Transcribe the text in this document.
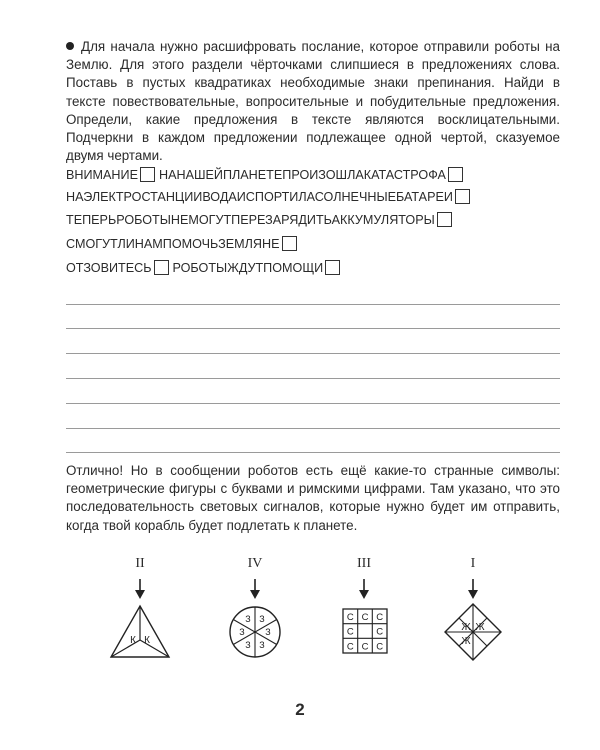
Для начала нужно расшифровать послание, которое отправили роботы на Землю. Для этого раздели чёрточками слипшиеся в предложениях слова. Поставь в пустых квадратиках необходимые знаки препинания. Найди в тексте повествовательные, вопросительные и побудительные предложения. Определи, какие предложения в тексте являются восклицательными. Подчеркни в каждом предложении подлежащее одной чертой, сказуемое двумя чертами.

ВНИМАНИЕ НАНАШЕЙПЛАНЕТЕПРОИЗОШЛАКАТАСТРОФА
НАЭЛЕКТРОСТАНЦИИВОДАИСПОРТИЛАСОЛНЕЧНЫЕБАТАРЕИ
ТЕПЕРЬРОБОТЫНЕМОГУТПЕРЕЗАРЯДИТЬАККУМУЛЯТОРЫ
СМОГУТЛИНАМПОМОЧЬЗЕМЛЯНЕ
ОТЗОВИТЕСЬ РОБОТЫЖДУТПОМОЩИ

Отлично! Но в сообщении роботов есть ещё какие-то странные символы: геометрические фигуры с буквами и римскими цифрами. Там указано, что это последовательность световых сигналов, которые нужно будет им отправить, когда твой корабль будет подлетать к планете.

II	IV	III	I
К К
З З
З
З
З
З
С С С
С С
С С С
Ж Ж
Ж
2
